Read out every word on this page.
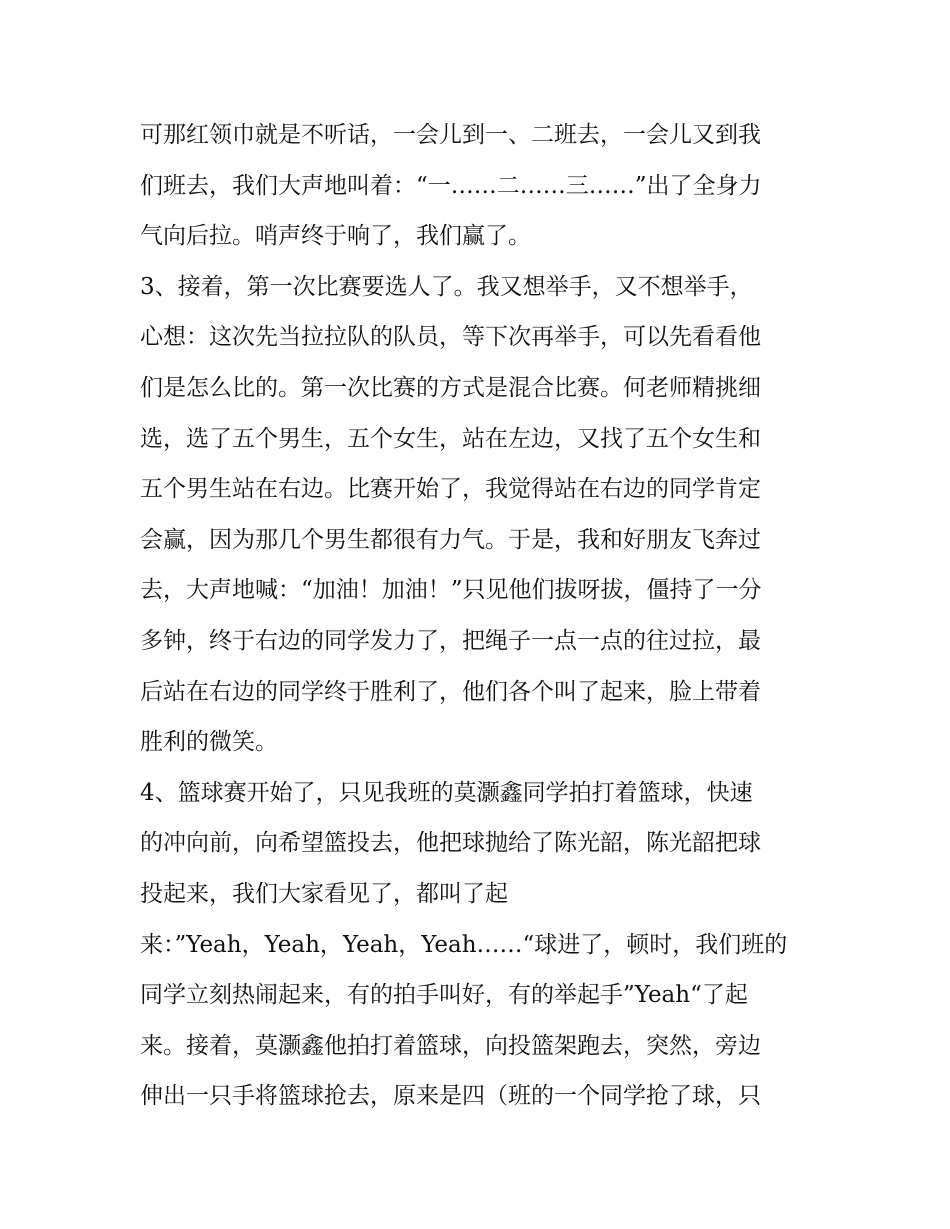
可那红领巾就是不听话，一会儿到一、二班去，一会儿又到我
们班去，我们大声地叫着：“一……二……三……”出了全身力
气向后拉。哨声终于响了，我们赢了。
3、接着，第一次比赛要选人了。我又想举手，又不想举手，
心想：这次先当拉拉队的队员，等下次再举手，可以先看看他
们是怎么比的。第一次比赛的方式是混合比赛。何老师精挑细
选，选了五个男生，五个女生，站在左边，又找了五个女生和
五个男生站在右边。比赛开始了，我觉得站在右边的同学肯定
会赢，因为那几个男生都很有力气。于是，我和好朋友飞奔过
去，大声地喊：“加油！加油！”只见他们拔呀拔，僵持了一分
多钟，终于右边的同学发力了，把绳子一点一点的往过拉，最
后站在右边的同学终于胜利了，他们各个叫了起来，脸上带着
胜利的微笑。
4、篮球赛开始了，只见我班的莫灏鑫同学拍打着篮球，快速
的冲向前，向希望篮投去，他把球抛给了陈光韶，陈光韶把球
投起来，我们大家看见了，都叫了起
来：”Yeah，Yeah，Yeah，Yeah……“球进了，顿时，我们班的
同学立刻热闹起来，有的拍手叫好，有的举起手”Yeah“了起
来。接着，莫灏鑫他拍打着篮球，向投篮架跑去，突然，旁边
伸出一只手将篮球抢去，原来是四（班的一个同学抢了球，只
